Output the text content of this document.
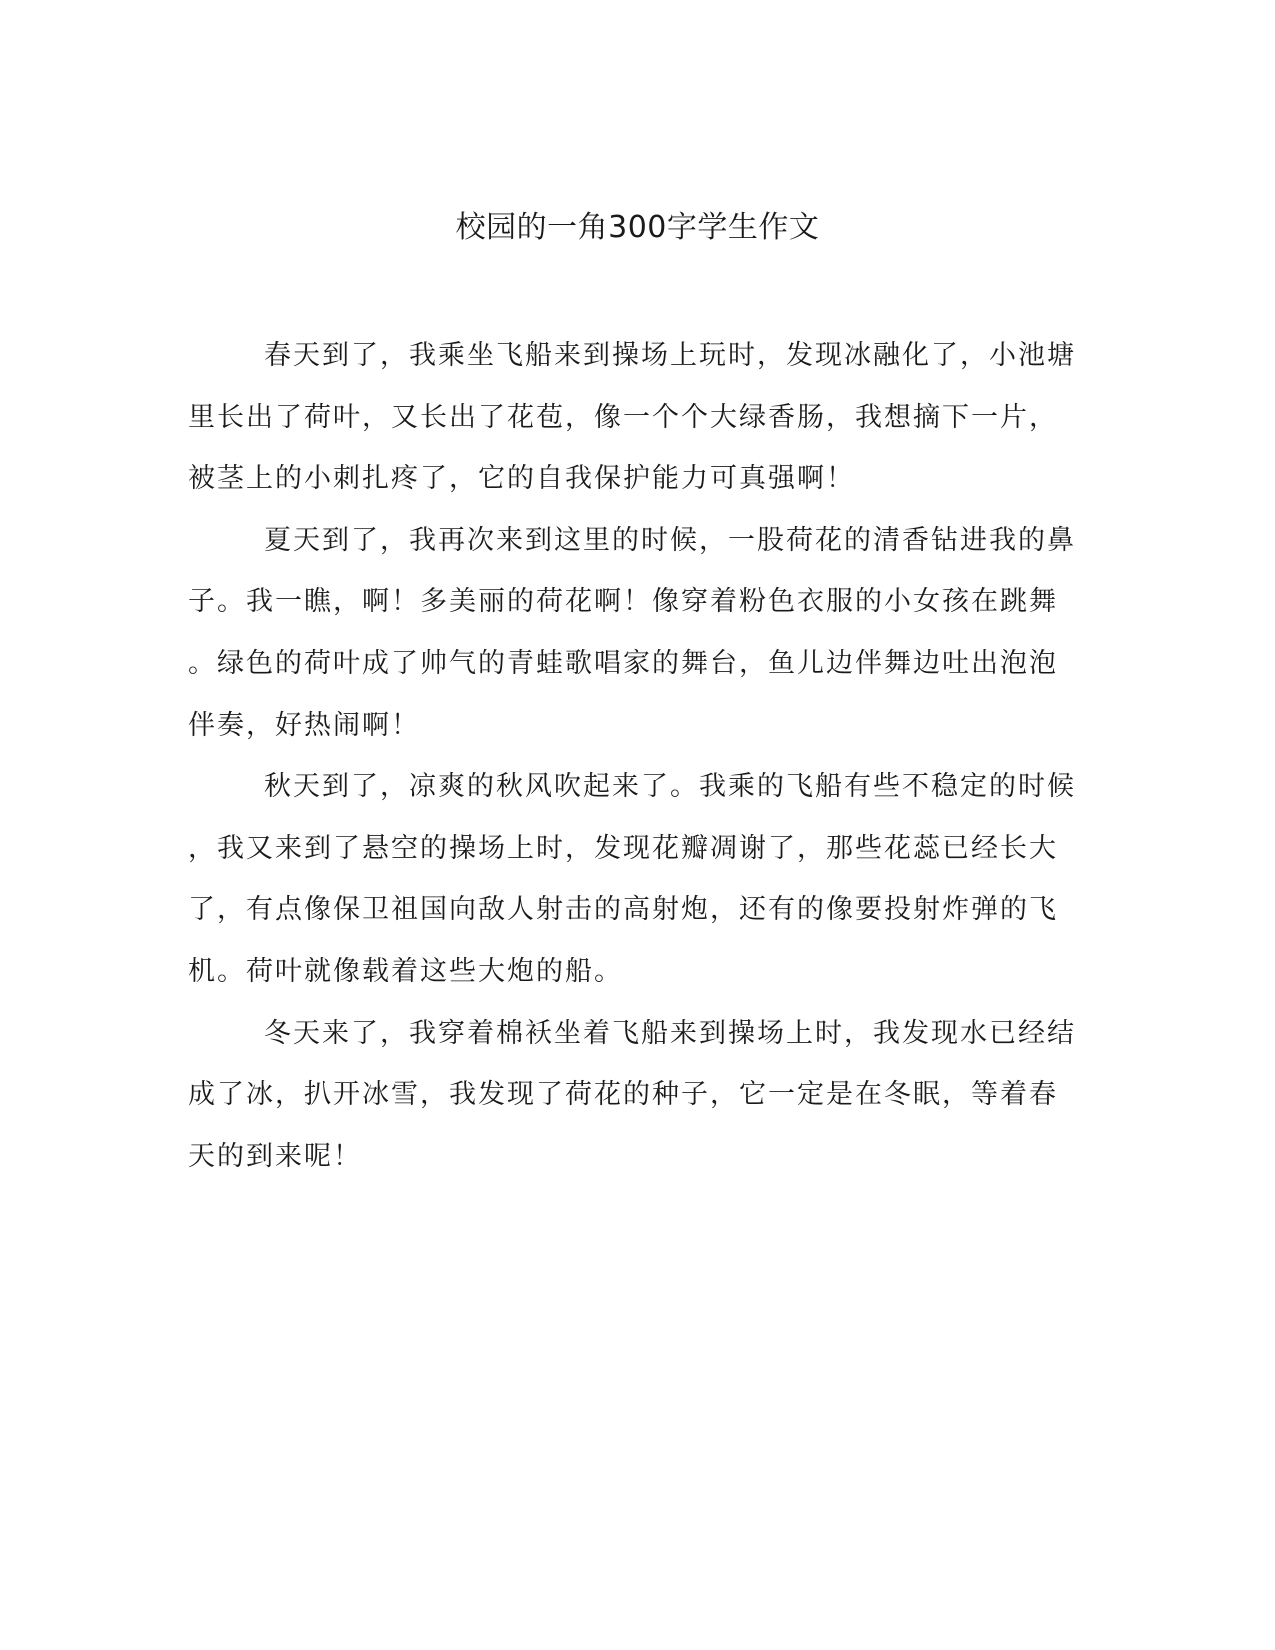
校园的一角300字学生作文
春天到了，我乘坐飞船来到操场上玩时，发现冰融化了，小池塘
里长出了荷叶，又长出了花苞，像一个个大绿香肠，我想摘下一片，
被茎上的小刺扎疼了，它的自我保护能力可真强啊！
夏天到了，我再次来到这里的时候，一股荷花的清香钻进我的鼻
子。我一瞧，啊！多美丽的荷花啊！像穿着粉色衣服的小女孩在跳舞
。绿色的荷叶成了帅气的青蛙歌唱家的舞台，鱼儿边伴舞边吐出泡泡
伴奏，好热闹啊！
秋天到了，凉爽的秋风吹起来了。我乘的飞船有些不稳定的时候
，我又来到了悬空的操场上时，发现花瓣凋谢了，那些花蕊已经长大
了，有点像保卫祖国向敌人射击的高射炮，还有的像要投射炸弹的飞
机。荷叶就像载着这些大炮的船。
冬天来了，我穿着棉袄坐着飞船来到操场上时，我发现水已经结
成了冰，扒开冰雪，我发现了荷花的种子，它一定是在冬眠，等着春
天的到来呢！
